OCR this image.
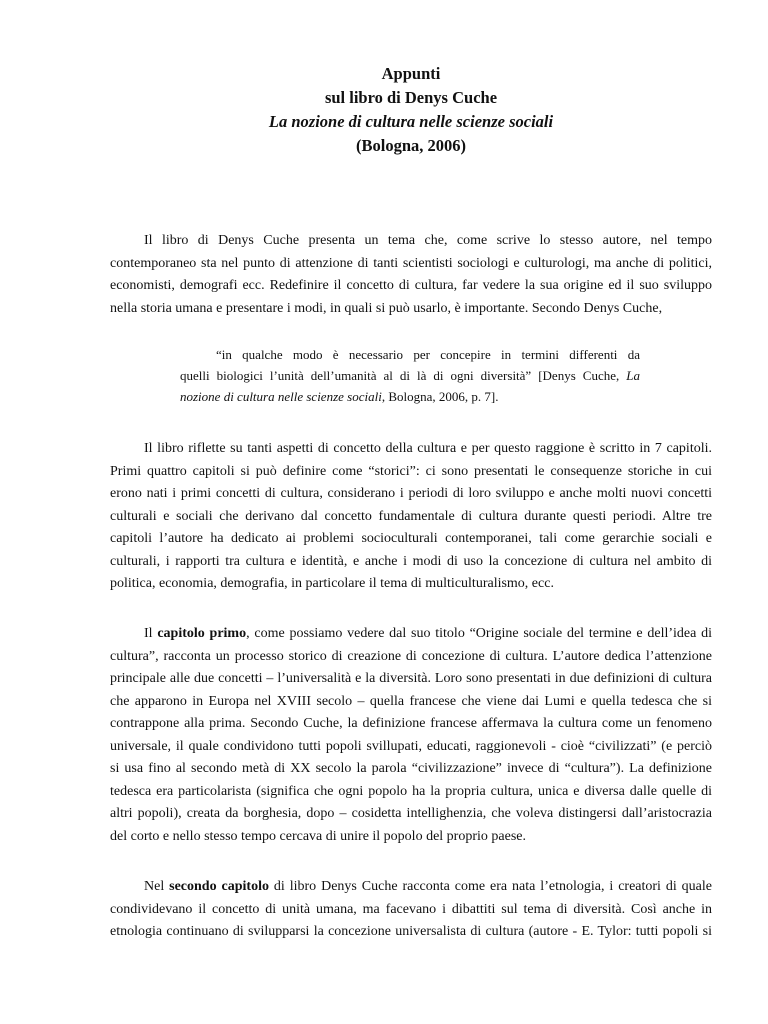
Appunti
sul libro di Denys Cuche
La nozione di cultura nelle scienze sociali
(Bologna, 2006)
Il libro di Denys Cuche presenta un tema che, come scrive lo stesso autore, nel tempo
contemporaneo sta nel punto di attenzione di tanti scientisti sociologi e culturologi, ma anche di politici,
economisti, demografi ecc. Redefinire il concetto di cultura, far vedere la sua origine ed il suo sviluppo
nella storia umana e presentare i modi, in quali si può usarlo, è importante. Secondo Denys Cuche,
“in qualche modo è necessario per concepire in termini differenti da
quelli biologici l’unità dell’umanità al di là di ogni diversità” [Denys Cuche, La
nozione di cultura nelle scienze sociali, Bologna, 2006, p. 7].
Il libro riflette su tanti aspetti di concetto della cultura e per questo raggione è scritto in 7 capitoli.
Primi quattro capitoli si può definire come “storici”: ci sono presentati le consequenze storiche in cui
erono nati i primi concetti di cultura, considerano i periodi di loro sviluppo e anche molti nuovi concetti
culturali e sociali che derivano dal concetto fundamentale di cultura durante questi periodi. Altre tre
capitoli l’autore ha dedicato ai problemi socioculturali contemporanei, tali come gerarchie sociali e
culturali, i rapporti tra cultura e identità, e anche i modi di uso la concezione di cultura nel ambito di
politica, economia, demografia, in particolare il tema di multiculturalismo, ecc.
Il capitolo primo, come possiamo vedere dal suo titolo “Origine sociale del termine e dell’idea di
cultura”, racconta un processo storico di creazione di concezione di cultura. L’autore dedica l’attenzione
principale alle due concetti – l’universalità e la diversità. Loro sono presentati in due definizioni di cultura
che apparono in Europa nel XVIII secolo – quella francese che viene dai Lumi e quella tedesca che si
contrappone alla prima. Secondo Cuche, la definizione francese affermava la cultura come un fenomeno
universale, il quale condividono tutti popoli svillupati, educati, raggionevoli - cioè “civilizzati” (e perciò
si usa fino al secondo metà di XX secolo la parola “civilizzazione” invece di “cultura”). La definizione
tedesca era particolarista (significa che ogni popolo ha la propria cultura, unica e diversa dalle quelle di
altri popoli), creata da borghesia, dopo – cosidetta intellighenzia, che voleva distingersi dall’aristocrazia
del corto e nello stesso tempo cercava di unire il popolo del proprio paese.
Nel secondo capitolo di libro Denys Cuche racconta come era nata l’etnologia, i creatori di quale
condividevano il concetto di unità umana, ma facevano i dibattiti sul tema di diversità. Così anche in
etnologia continuano di svilupparsi la concezione universalista di cultura (autore - E. Tylor: tutti popoli si
